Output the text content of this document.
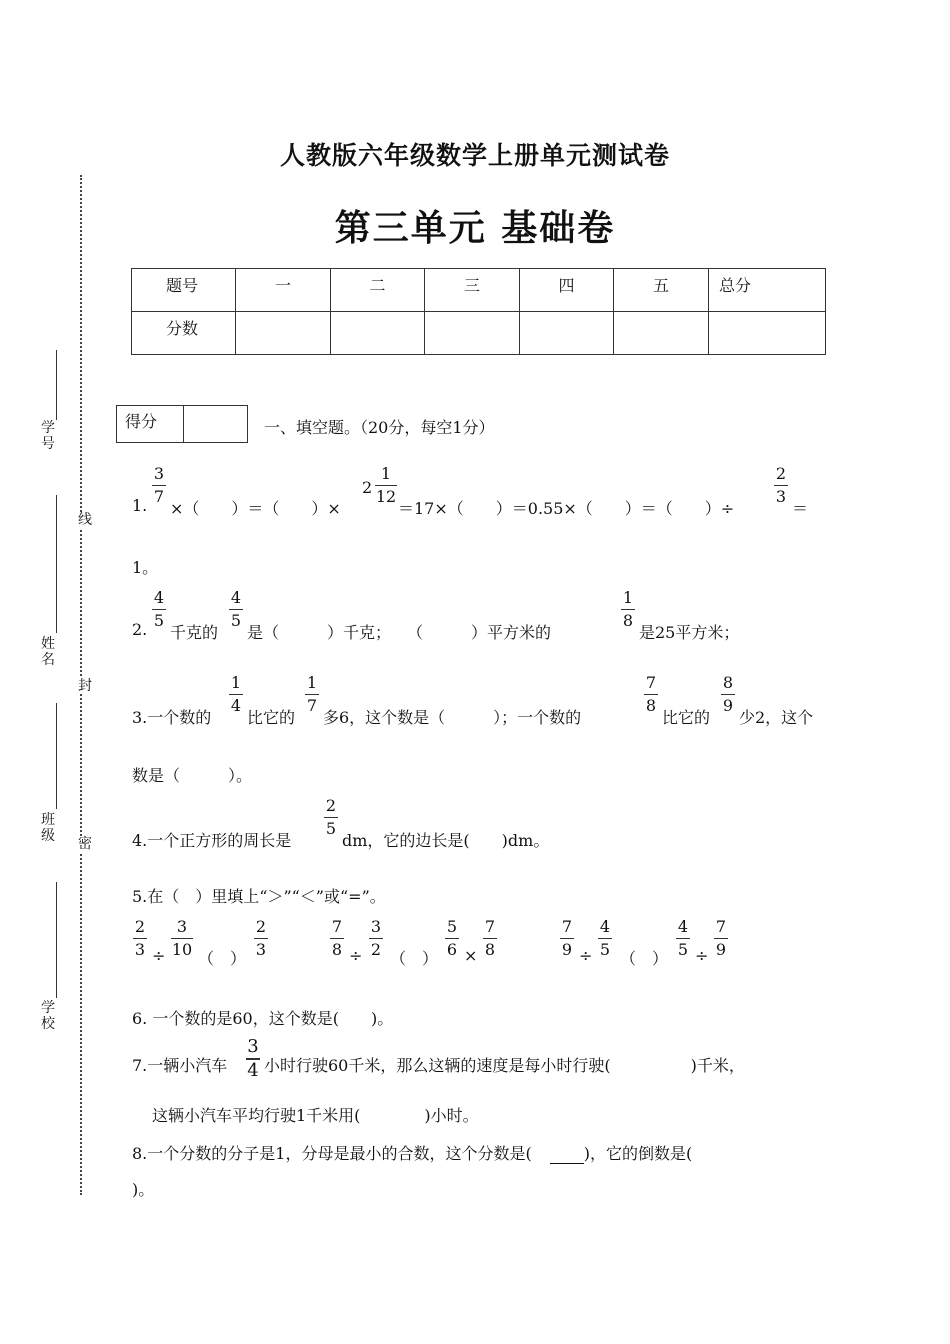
学号
姓名
班级
学校
线
封
密
人教版六年级数学上册单元测试卷
第三单元 基础卷
题号	一	二	三	四	五	总分
分数						
得分	一、填空题。（20分，每空1分）
1.
3
7
×（　　）＝（　　）×
2
1
12
＝17×（　　）＝0.55×（　　）＝（　　）÷
2
3
＝
1。
2.
4
5
千克的
4
5
是（　　　）千克；　　（　　　）平方米的
1
8
是25平方米；
3.一个数的
1
4
比它的
1
7
多6，这个数是（　　　）；一个数的
7
8
比它的
8
9
少2，这个
数是（　　　）。
4.一个正方形的周长是
2
5
dm，它的边长是(　　)dm。
5.在（　）里填上“＞”“＜”或“=”。
2
3 ÷
3
10 （　）
2
3
7
8 ÷
3
2 （　）
5
6 ×
7
8
7
9 ÷
4
5 （　）
4
5 ÷
7
9
6. 一个数的是60，这个数是(　　)。
7.一辆小汽车
3
4 小时行驶60千米，那么这辆的速度是每小时行驶(　　　　　)千米，
这辆小汽车平均行驶1千米用(　　　　)小时。
8.一个分数的分子是1，分母是最小的合数，这个分数是(	)，它的倒数是(
)。
